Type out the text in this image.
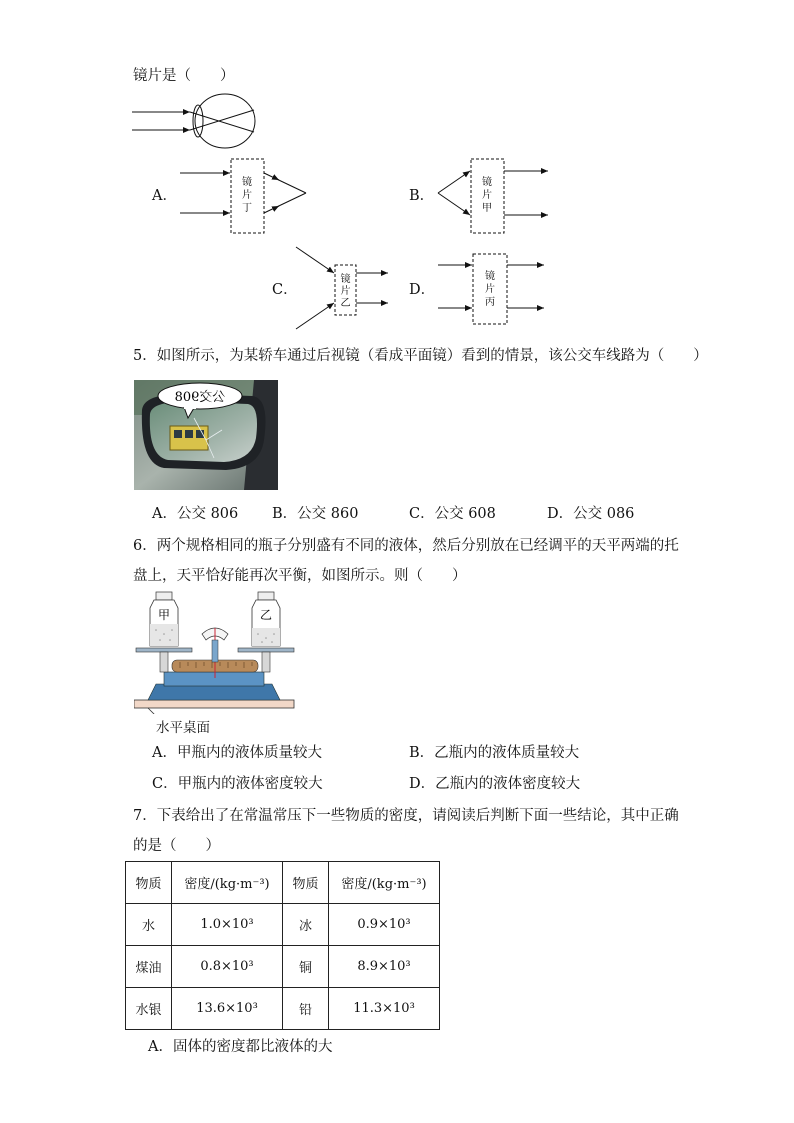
镜片是（　　）
A．
镜
片
丁
B．
镜
片
甲
C．
镜
片
乙
D．
镜
片
丙
5．如图所示，为某轿车通过后视镜（看成平面镜）看到的情景，该公交车线路为（　　）
公交908
A．公交 806 B．公交 860	C．公交 608	D．公交 086
6．两个规格相同的瓶子分别盛有不同的液体，然后分别放在已经调平的天平两端的托
盘上，天平恰好能再次平衡，如图所示。则（　　）
甲	乙
水平桌面
A．甲瓶内的液体质量较大	B．乙瓶内的液体质量较大
C．甲瓶内的液体密度较大	D．乙瓶内的液体密度较大
7．下表给出了在常温常压下一些物质的密度，请阅读后判断下面一些结论，其中正确
的是（　　）
物质	密度/(kg·m⁻³)	物质	密度/(kg·m⁻³)
水	1.0×10³	冰	0.9×10³
煤油	0.8×10³	铜	8.9×10³
水银	13.6×10³	铅	11.3×10³
A．固体的密度都比液体的大
